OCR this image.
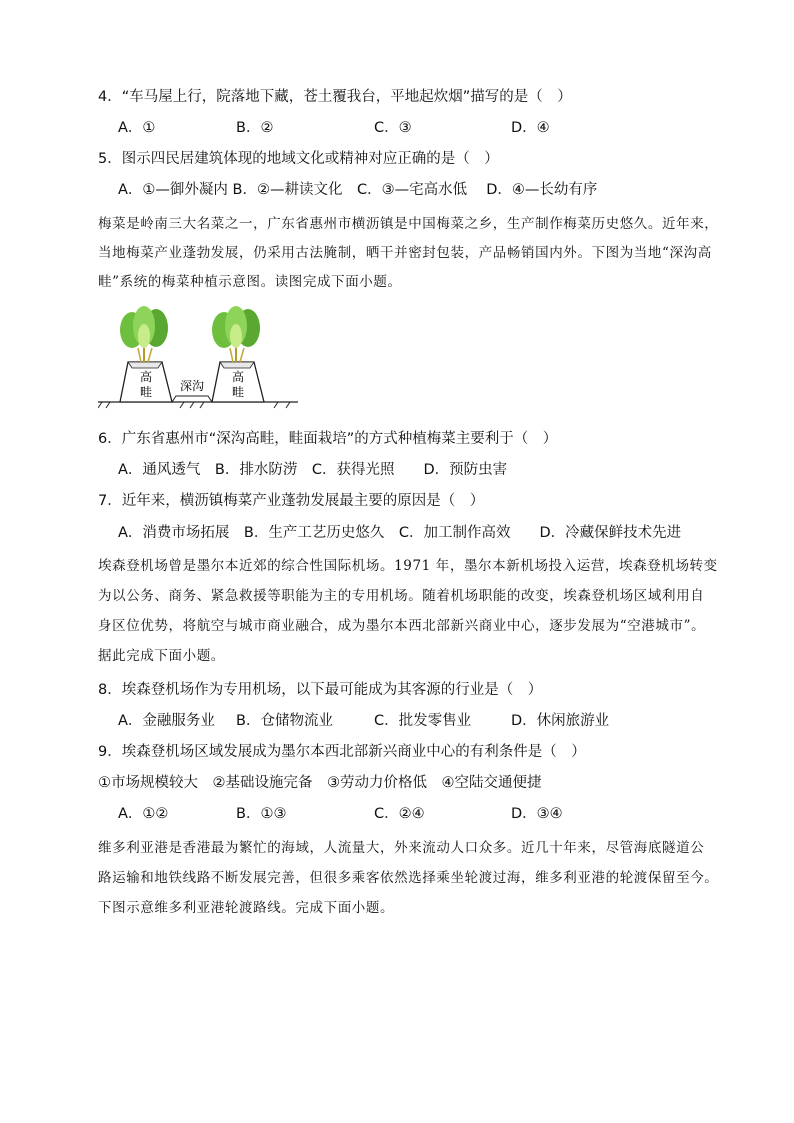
4．“车马屋上行，院落地下藏，苍土覆我台，平地起炊烟”描写的是（　）
A．①	B．②	C．③	D．④
5．图示四民居建筑体现的地域文化或精神对应正确的是（　）
A．①—御外凝内 B．②—耕读文化　C．③—宅高水低　 D．④—长幼有序
梅菜是岭南三大名菜之一，广东省惠州市横沥镇是中国梅菜之乡，生产制作梅菜历史悠久。近年来，
当地梅菜产业蓬勃发展，仍采用古法腌制，晒干并密封包装，产品畅销国内外。下图为当地“深沟高
畦”系统的梅菜种植示意图。读图完成下面小题。
高
畦 深沟
高
畦
6．广东省惠州市“深沟高畦，畦面栽培”的方式种植梅菜主要利于（　）
A．通风透气　B．排水防涝　C．获得光照　　D．预防虫害
7．近年来，横沥镇梅菜产业蓬勃发展最主要的原因是（　）
A．消费市场拓展　B．生产工艺历史悠久　C．加工制作高效　　D．冷藏保鲜技术先进
埃森登机场曾是墨尔本近郊的综合性国际机场。1971 年，墨尔本新机场投入运营，埃森登机场转变
为以公务、商务、紧急救援等职能为主的专用机场。随着机场职能的改变，埃森登机场区域利用自
身区位优势，将航空与城市商业融合，成为墨尔本西北部新兴商业中心，逐步发展为“空港城市”。
据此完成下面小题。
8．埃森登机场作为专用机场，以下最可能成为其客源的行业是（　）
A．金融服务业 B．仓储物流业	C．批发零售业	D．休闲旅游业
9．埃森登机场区域发展成为墨尔本西北部新兴商业中心的有利条件是（　）
①市场规模较大　②基础设施完备　③劳动力价格低　④空陆交通便捷
A．①②	B．①③	C．②④	D．③④
维多利亚港是香港最为繁忙的海域，人流量大，外来流动人口众多。近几十年来，尽管海底隧道公
路运输和地铁线路不断发展完善，但很多乘客依然选择乘坐轮渡过海，维多利亚港的轮渡保留至今。
下图示意维多利亚港轮渡路线。完成下面小题。
